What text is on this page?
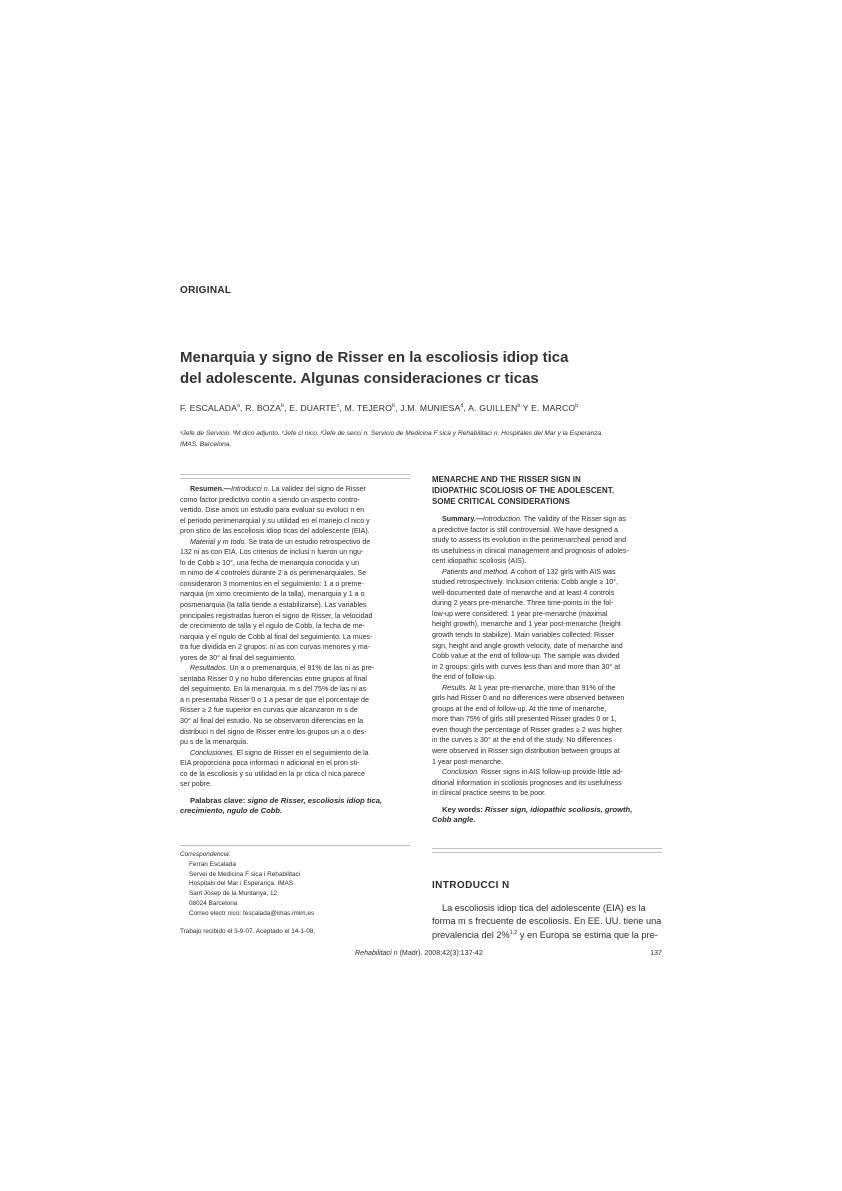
ORIGINAL
Menarquia y signo de Risser en la escoliosis idiop tica
del adolescente. Algunas consideraciones cr ticas
F. ESCALADA$^a$, R. BOZA$^b$, E. DUARTE$^c$, M. TEJERO$^b$, J.M. MUNIESA$^d$, A. GUILLEN$^b$ Y E. MARCO$^b$
ᵃJefe de Servicio. ᵇM dico adjunto. ᶜJefe cl nico. ᵈJefe de secci n. Servicio de Medicina F sica y Rehabilitaci n. Hospitales del Mar y la Esperanza.
IMAS. Barcelona.
Resumen.—Introducci n. La validez del signo de Risser
como factor predictivo contin a siendo un aspecto contro-
vertido. Dise amos un estudio para evaluar su evoluci n en
el periodo perimenarquial y su utilidad en el manejo cl nico y
pron stico de las escoliosis idiop ticas del adolescente (EIA).
Material y m todo. Se trata de un estudio retrospectivo de
132 ni as con EIA. Los criterios de inclusi n fueron un ngu-
lo de Cobb ≥ 10°, una fecha de menarquia conocida y un
m nimo de 4 controles durante 2 a os perimenarquiales. Se
consideraron 3 momentos en el seguimiento: 1 a o preme-
narquia (m ximo crecimiento de la talla), menarquia y 1 a o
posmenarquia (la talla tiende a estabilizarse). Las variables
principales registradas fueron el signo de Risser, la velocidad
de crecimiento de talla y el ngulo de Cobb, la fecha de me-
narquia y el ngulo de Cobb al final del seguimiento. La mues-
tra fue dividida en 2 grupos: ni as con curvas menores y ma-
yores de 30° al final del seguimiento.
Resultados. Un a o premenarquia, el 91% de las ni as pre-
sentaba Risser 0 y no hubo diferencias entre grupos al final
del seguimiento. En la menarquia, m s del 75% de las ni as
a n presentaba Risser 0 o 1 a pesar de que el porcentaje de
Risser ≥ 2 fue superior en curvas que alcanzaron m s de
30° al final del estudio. No se observaron diferencias en la
distribuci n del signo de Risser entre los grupos un a o des-
pu s de la menarquia.
Conclusiones. El signo de Risser en el seguimiento de la
EIA proporciona poca informaci n adicional en el pron sti-
co de la escoliosis y su utilidad en la pr ctica cl nica parece
ser pobre.
Palabras clave: signo de Risser, escoliosis idiop tica,
crecimiento, ngulo de Cobb.
Correspondencia:
Ferran Escalada
Servei de Medicina F sica i Rehabilitaci
Hospitals del Mar i Esperança. IMAS.
Sant Josep de la Muntanya, 12
08024 Barcelona
Correo electr nico: fescalada@imas.imim.es
Trabajo recibido el 3-9-07. Aceptado el 14-1-08.
MENARCHE AND THE RISSER SIGN IN
IDIOPATHIC SCOLIOSIS OF THE ADOLESCENT.
SOME CRITICAL CONSIDERATIONS
Summary.—Introduction. The validity of the Risser sign as
a predictive factor is still controversial. We have designed a
study to assess its evolution in the perimenarcheal period and
its usefulness in clinical management and prognosis of adoles-
cent idiopathic scoliosis (AIS).
Patients and method. A cohort of 132 girls with AIS was
studied retrospectively. Inclusion criteria: Cobb angle ≥ 10°,
well-documented date of menarche and at least 4 controls
during 2 years pre-menarche. Three time-points in the fol-
low-up were considered: 1 year pre-menarche (maximal
height growth), menarche and 1 year post-menarche (height
growth tends to stabilize). Main variables collected: Risser
sign, height and angle growth velocity, date of menarche and
Cobb value at the end of follow-up. The sample was divided
in 2 groups: girls with curves less than and more than 30° at
the end of follow-up.
Results. At 1 year pre-menarche, more than 91% of the
girls had Risser 0 and no differences were observed between
groups at the end of follow-up. At the time of menarche,
more than 75% of girls still presented Risser grades 0 or 1,
even though the percentage of Risser grades ≥ 2 was higher
in the curves ≥ 30° at the end of the study. No differences
were observed in Risser sign distribution between groups at
1 year post-menarche.
Conclusion. Risser signs in AIS follow-up provide little ad-
ditional information in scoliosis prognoses and its usefulness
in clinical practice seems to be poor.
Key words: Risser sign, idiopathic scoliosis, growth,
Cobb angle.
INTRODUCCI N
La escoliosis idiop tica del adolescente (EIA) es la
forma m s frecuente de escoliosis. En EE. UU. tiene una
prevalencia del 2%$^{1,2}$ y en Europa se estima que la pre-
Rehabilitaci n (Madr). 2008;42(3):137-42	137
